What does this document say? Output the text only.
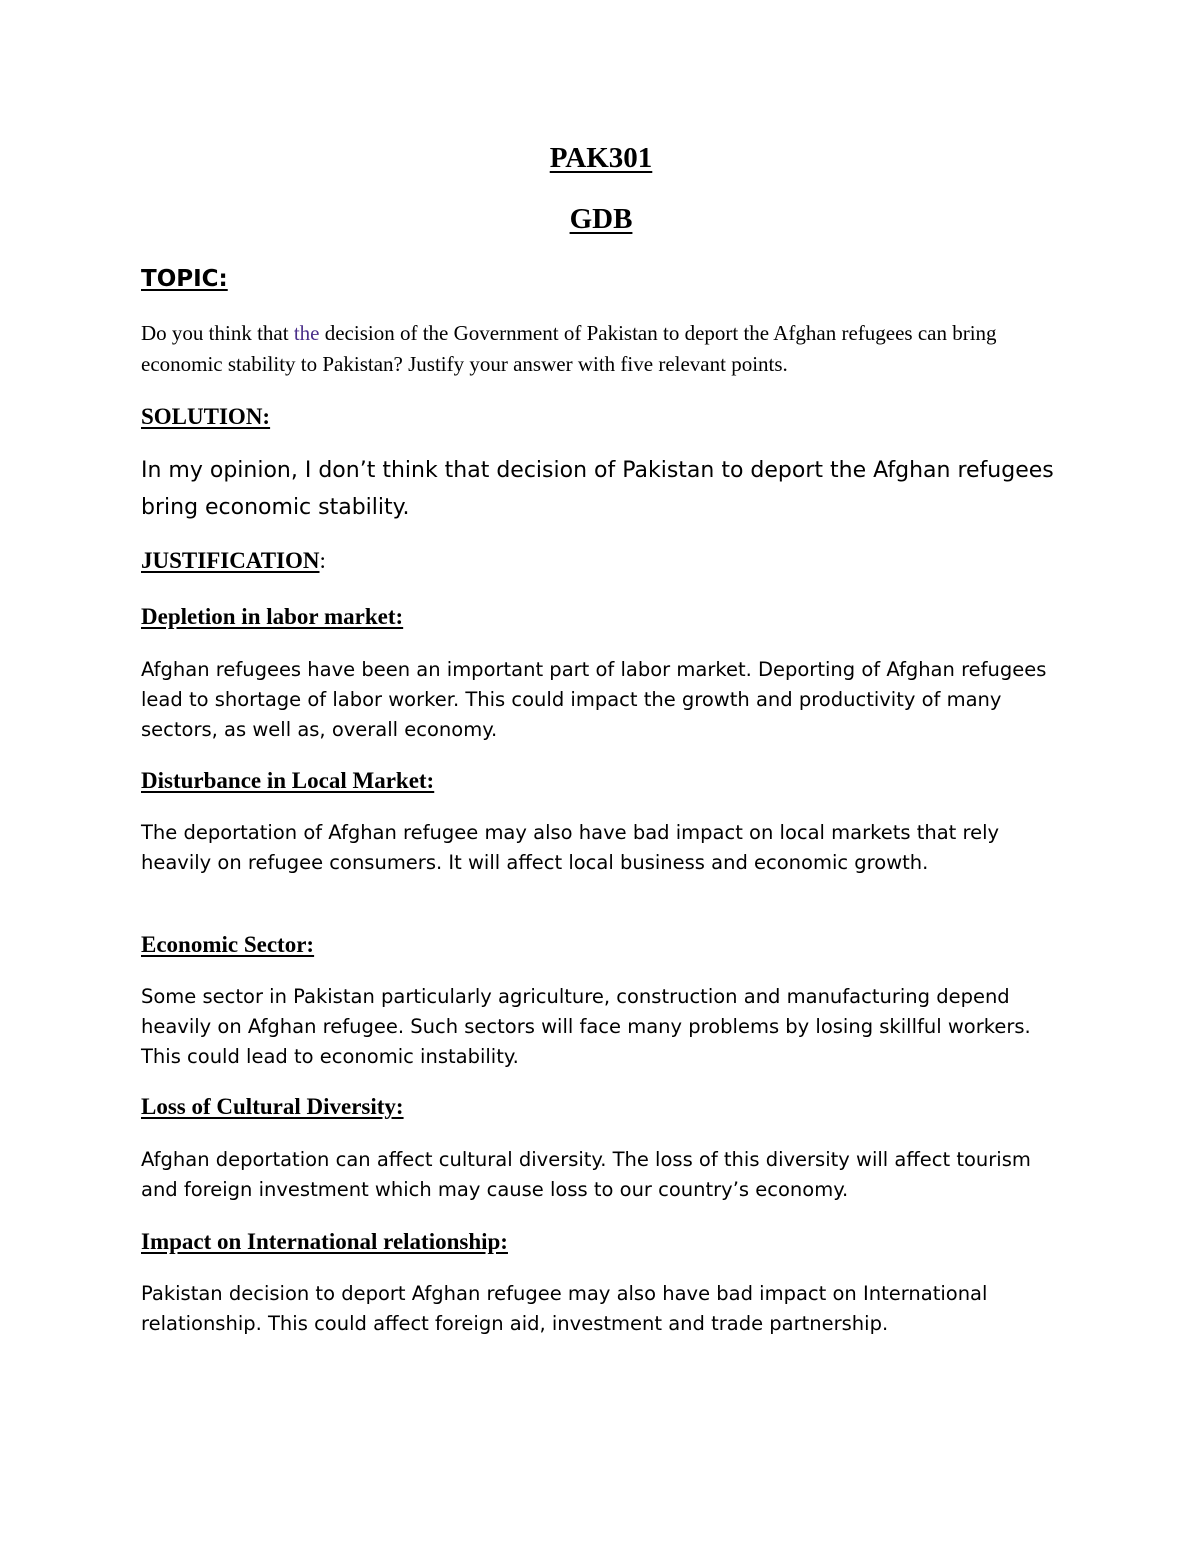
PAK301
GDB
TOPIC:

Do you think that the decision of the Government of Pakistan to deport the Afghan refugees can bring economic stability to Pakistan? Justify your answer with five relevant points.

SOLUTION:

In my opinion, I don’t think that decision of Pakistan to deport the Afghan refugees bring economic stability.

JUSTIFICATION:
Depletion in labor market:

Afghan refugees have been an important part of labor market. Deporting of Afghan refugees lead to shortage of labor worker. This could impact the growth and productivity of many sectors, as well as, overall economy.

Disturbance in Local Market:

The deportation of Afghan refugee may also have bad impact on local markets that rely heavily on refugee consumers. It will affect local business and economic growth.

Economic Sector:

Some sector in Pakistan particularly agriculture, construction and manufacturing depend heavily on Afghan refugee. Such sectors will face many problems by losing skillful workers. This could lead to economic instability.

Loss of Cultural Diversity:

Afghan deportation can affect cultural diversity. The loss of this diversity will affect tourism and foreign investment which may cause loss to our country’s economy.

Impact on International relationship:

Pakistan decision to deport Afghan refugee may also have bad impact on International relationship. This could affect foreign aid, investment and trade partnership.
